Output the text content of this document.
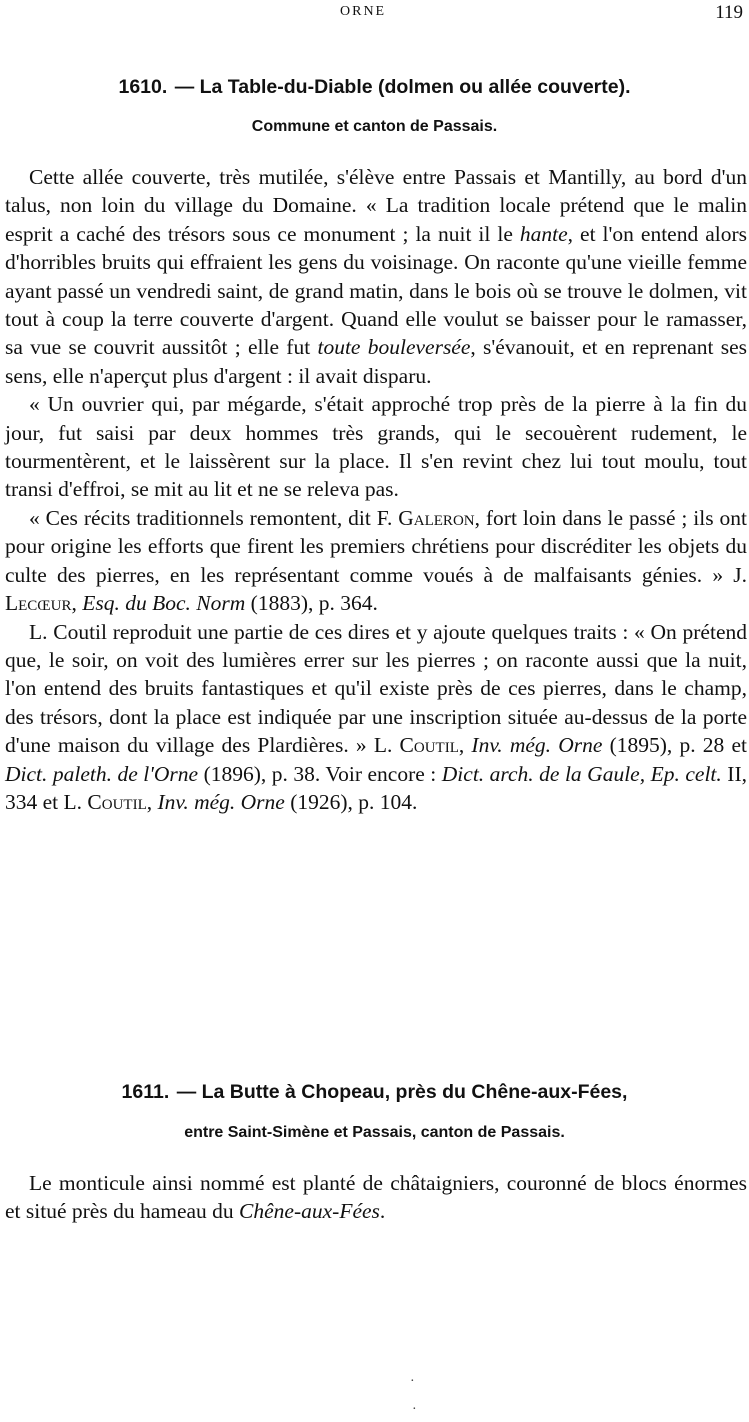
ORNE	119
1610. — La Table-du-Diable (dolmen ou allée couverte).
Commune et canton de Passais.

Cette allée couverte, très mutilée, s'élève entre Passais et Mantilly, au bord d'un talus, non loin du village du Domaine. « La tradition locale prétend que le malin esprit a caché des trésors sous ce monument ; la nuit il le hante, et l'on entend alors d'horribles bruits qui effraient les gens du voisinage. On raconte qu'une vieille femme ayant passé un vendredi saint, de grand matin, dans le bois où se trouve le dolmen, vit tout à coup la terre couverte d'argent. Quand elle voulut se baisser pour le ramasser, sa vue se couvrit aussitôt ; elle fut toute bouleversée, s'évanouit, et en reprenant ses sens, elle n'aperçut plus d'argent : il avait disparu.

« Un ouvrier qui, par mégarde, s'était approché trop près de la pierre à la fin du jour, fut saisi par deux hommes très grands, qui le secouèrent rudement, le tourmentèrent, et le laissèrent sur la place. Il s'en revint chez lui tout moulu, tout transi d'effroi, se mit au lit et ne se releva pas.

« Ces récits traditionnels remontent, dit F. Galeron, fort loin dans le passé ; ils ont pour origine les efforts que firent les premiers chrétiens pour discréditer les objets du culte des pierres, en les représentant comme voués à de malfaisants génies. » J. Lecœur, Esq. du Boc. Norm (1883), p. 364.

L. Coutil reproduit une partie de ces dires et y ajoute quelques traits : « On prétend que, le soir, on voit des lumières errer sur les pierres ; on raconte aussi que la nuit, l'on entend des bruits fantastiques et qu'il existe près de ces pierres, dans le champ, des trésors, dont la place est indiquée par une inscription située au-dessus de la porte d'une maison du village des Plardières. » L. Coutil, Inv. még. Orne (1895), p. 28 et Dict. paleth. de l'Orne (1896), p. 38. Voir encore : Dict. arch. de la Gaule, Ep. celt. II, 334 et L. Coutil, Inv. még. Orne (1926), p. 104.

1611. — La Butte à Chopeau, près du Chêne-aux-Fées,
entre Saint-Simène et Passais, canton de Passais.

Le monticule ainsi nommé est planté de châtaigniers, couronné de blocs énormes et situé près du hameau du Chêne-aux-Fées.

·
·
